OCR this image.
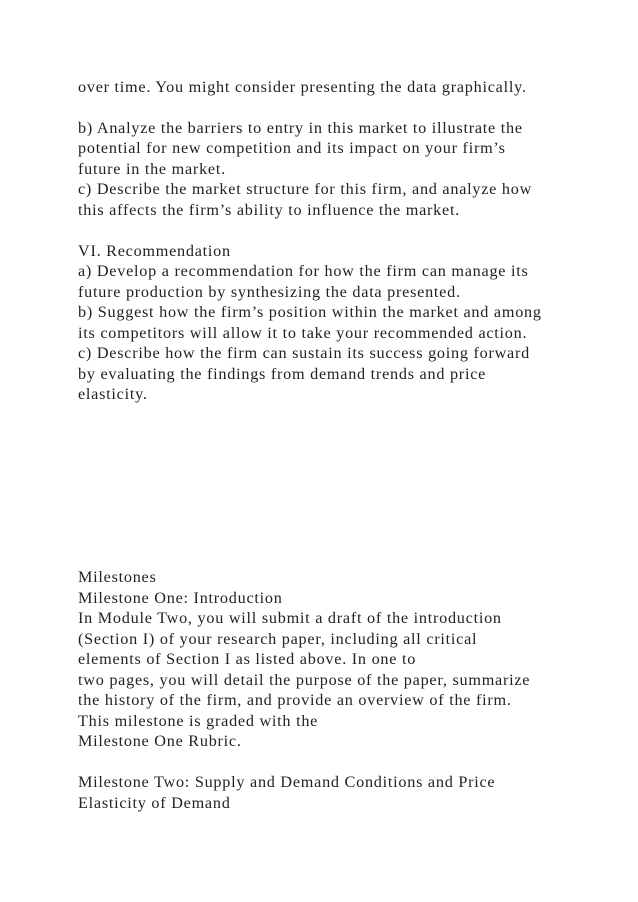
over time. You might consider presenting the data graphically.

b) Analyze the barriers to entry in this market to illustrate the

potential for new competition and its impact on your firm’s

future in the market.

c) Describe the market structure for this firm, and analyze how

this affects the firm’s ability to influence the market.

VI. Recommendation

a) Develop a recommendation for how the firm can manage its

future production by synthesizing the data presented.

b) Suggest how the firm’s position within the market and among

its competitors will allow it to take your recommended action.

c) Describe how the firm can sustain its success going forward

by evaluating the findings from demand trends and price

elasticity.

Milestones

Milestone One: Introduction

In Module Two, you will submit a draft of the introduction

(Section I) of your research paper, including all critical

elements of Section I as listed above. In one to

two pages, you will detail the purpose of the paper, summarize

the history of the firm, and provide an overview of the firm.

This milestone is graded with the

Milestone One Rubric.

Milestone Two: Supply and Demand Conditions and Price

Elasticity of Demand
